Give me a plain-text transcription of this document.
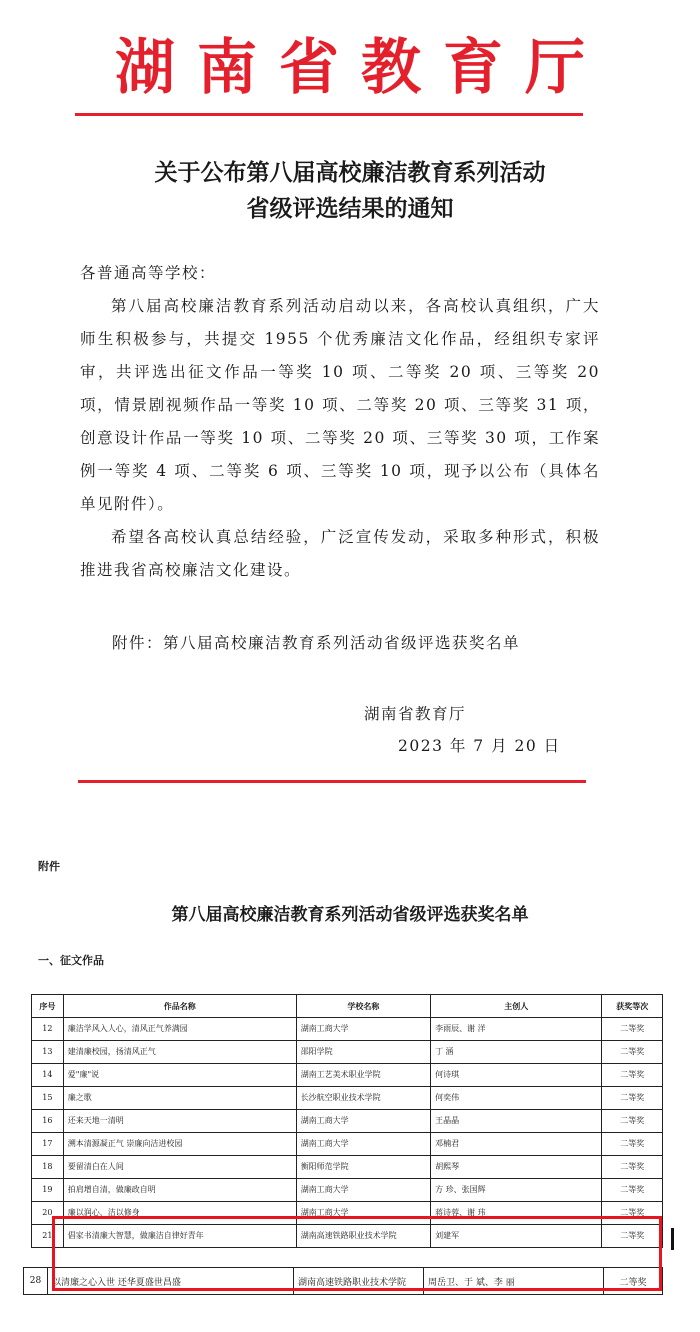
湖南省教育厅
关于公布第八届高校廉洁教育系列活动
省级评选结果的通知

各普通高等学校：

第八届高校廉洁教育系列活动启动以来，各高校认真组织，广大师生积极参与，共提交 1955 个优秀廉洁文化作品，经组织专家评审，共评选出征文作品一等奖 10 项、二等奖 20 项、三等奖 20 项，情景剧视频作品一等奖 10 项、二等奖 20 项、三等奖 31 项，创意设计作品一等奖 10 项、二等奖 20 项、三等奖 30 项，工作案例一等奖 4 项、二等奖 6 项、三等奖 10 项，现予以公布（具体名单见附件）。

希望各高校认真总结经验，广泛宣传发动，采取多种形式，积极推进我省高校廉洁文化建设。

附件：第八届高校廉洁教育系列活动省级评选获奖名单
湖南省教育厅
2023 年 7 月 20 日
附件
第八届高校廉洁教育系列活动省级评选获奖名单
一、征文作品
序号	作品名称	学校名称	主创人	获奖等次
12	廉洁学风入人心，清风正气养满园	湖南工商大学	李雨辰、谢 洋	二等奖
13	建清廉校园，扬清风正气	邵阳学院	丁 涵	二等奖
14	爱"廉"说	湖南工艺美术职业学院	何诗琪	二等奖
15	廉之歌	长沙航空职业技术学院	何奕伟	二等奖
16	还来天地一清明	湖南工商大学	王晶晶	二等奖
17	溯本清源凝正气 崇廉向洁进校园	湖南工商大学	邓楠君	二等奖
18	要留清白在人间	衡阳师范学院	胡熙琴	二等奖
19	拍肩增自清，做廉政自明	湖南工商大学	方 珍、张国辉	二等奖
20	廉以润心，洁以修身	湖南工商大学	蒋诗蓉、谢 玮	二等奖
21	倡家书清廉大智慧，做廉洁自律好青年	湖南高速铁路职业技术学院	刘建军	二等奖
28	以清廉之心入世 还华夏盛世昌盛	湖南高速铁路职业技术学院	周岳卫、于 斌、李 丽	二等奖
